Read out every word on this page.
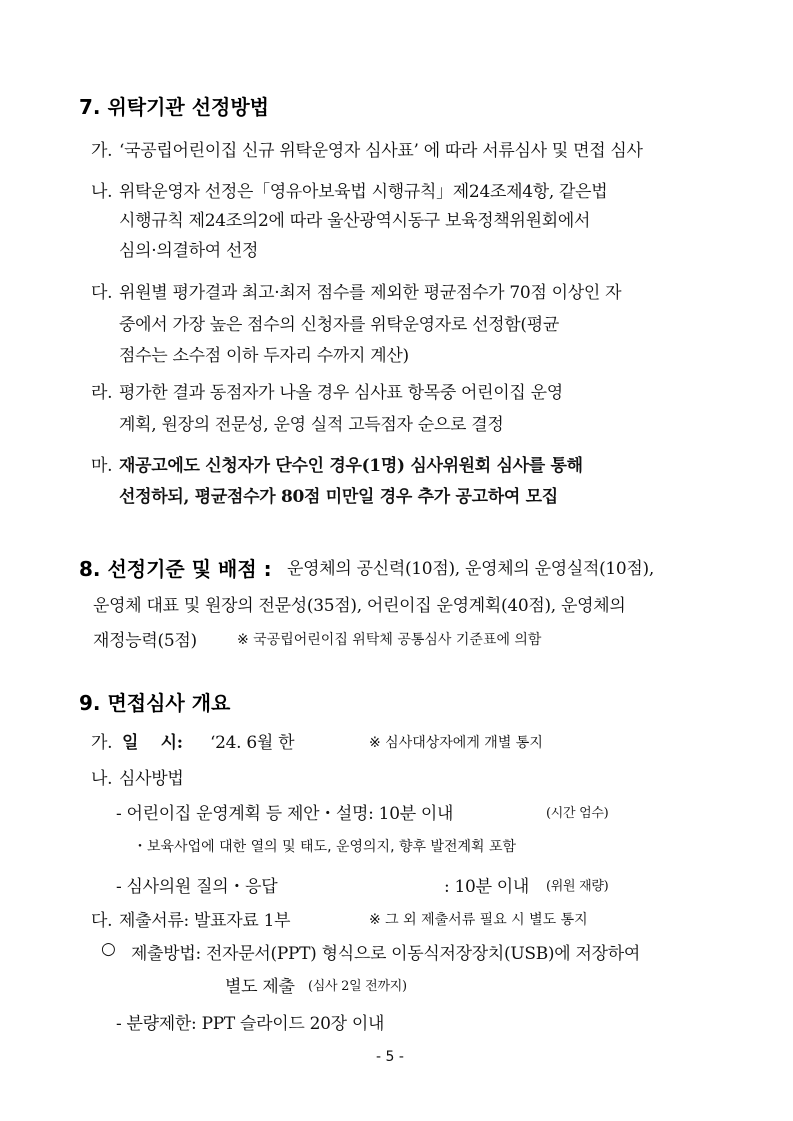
7. 위탁기관 선정방법
가. ‘국공립어린이집 신규 위탁운영자 심사표’ 에 따라 서류심사 및 면접 심사
나. 위탁운영자 선정은「영유아보육법 시행규칙」제24조제4항, 같은법
시행규칙 제24조의2에 따라 울산광역시동구 보육정책위원회에서
심의·의결하여 선정
다. 위원별 평가결과 최고·최저 점수를 제외한 평균점수가 70점 이상인 자
중에서 가장 높은 점수의 신청자를 위탁운영자로 선정함(평균
점수는 소수점 이하 두자리 수까지 계산)
라. 평가한 결과 동점자가 나올 경우 심사표 항목중 어린이집 운영
계획, 원장의 전문성, 운영 실적 고득점자 순으로 결정
마. 재공고에도 신청자가 단수인 경우(1명) 심사위원회 심사를 통해
선정하되, 평균점수가 80점 미만일 경우 추가 공고하여 모집
8. 선정기준 및 배점 : 운영체의 공신력(10점), 운영체의 운영실적(10점),
운영체 대표 및 원장의 전문성(35점), 어린이집 운영계획(40점), 운영체의
재정능력(5점)	※ 국공립어린이집 위탁체 공통심사 기준표에 의함
9. 면접심사 개요
가. 일    시: ‘24. 6월 한	※ 심사대상자에게 개별 통지
나. 심사방법
- 어린이집 운영계획 등 제안・설명: 10분 이내	(시간 엄수)
・보육사업에 대한 열의 및 태도, 운영의지, 향후 발전계획 포함
- 심사의원 질의・응답	: 10분 이내 (위원 재량)
다. 제출서류: 발표자료 1부	※ 그 외 제출서류 필요 시 별도 통지
○ 제출방법: 전자문서(PPT) 형식으로 이동식저장장치(USB)에 저장하여
별도 제출 (심사 2일 전까지)
- 분량제한: PPT 슬라이드 20장 이내
- 5 -
